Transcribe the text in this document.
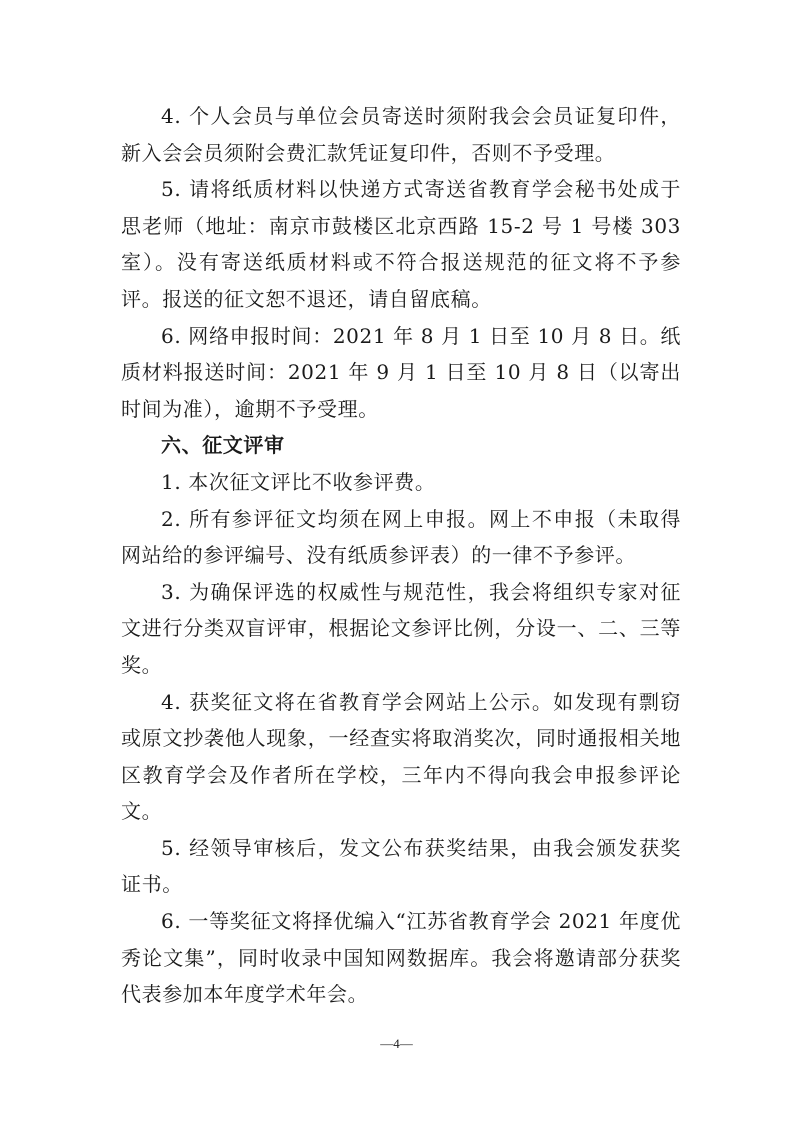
4. 个人会员与单位会员寄送时须附我会会员证复印件，新入会会员须附会费汇款凭证复印件，否则不予受理。

5. 请将纸质材料以快递方式寄送省教育学会秘书处成于思老师（地址：南京市鼓楼区北京西路 15-2 号 1 号楼 303 室）。没有寄送纸质材料或不符合报送规范的征文将不予参评。报送的征文恕不退还，请自留底稿。

6. 网络申报时间：2021 年 8 月 1 日至 10 月 8 日。纸质材料报送时间：2021 年 9 月 1 日至 10 月 8 日（以寄出时间为准），逾期不予受理。

六、征文评审

1. 本次征文评比不收参评费。

2. 所有参评征文均须在网上申报。网上不申报（未取得网站给的参评编号、没有纸质参评表）的一律不予参评。

3. 为确保评选的权威性与规范性，我会将组织专家对征文进行分类双盲评审，根据论文参评比例，分设一、二、三等奖。

4. 获奖征文将在省教育学会网站上公示。如发现有剽窃或原文抄袭他人现象，一经查实将取消奖次，同时通报相关地区教育学会及作者所在学校，三年内不得向我会申报参评论文。

5. 经领导审核后，发文公布获奖结果，由我会颁发获奖证书。

6. 一等奖征文将择优编入“江苏省教育学会 2021 年度优秀论文集”，同时收录中国知网数据库。我会将邀请部分获奖代表参加本年度学术年会。

—4—
